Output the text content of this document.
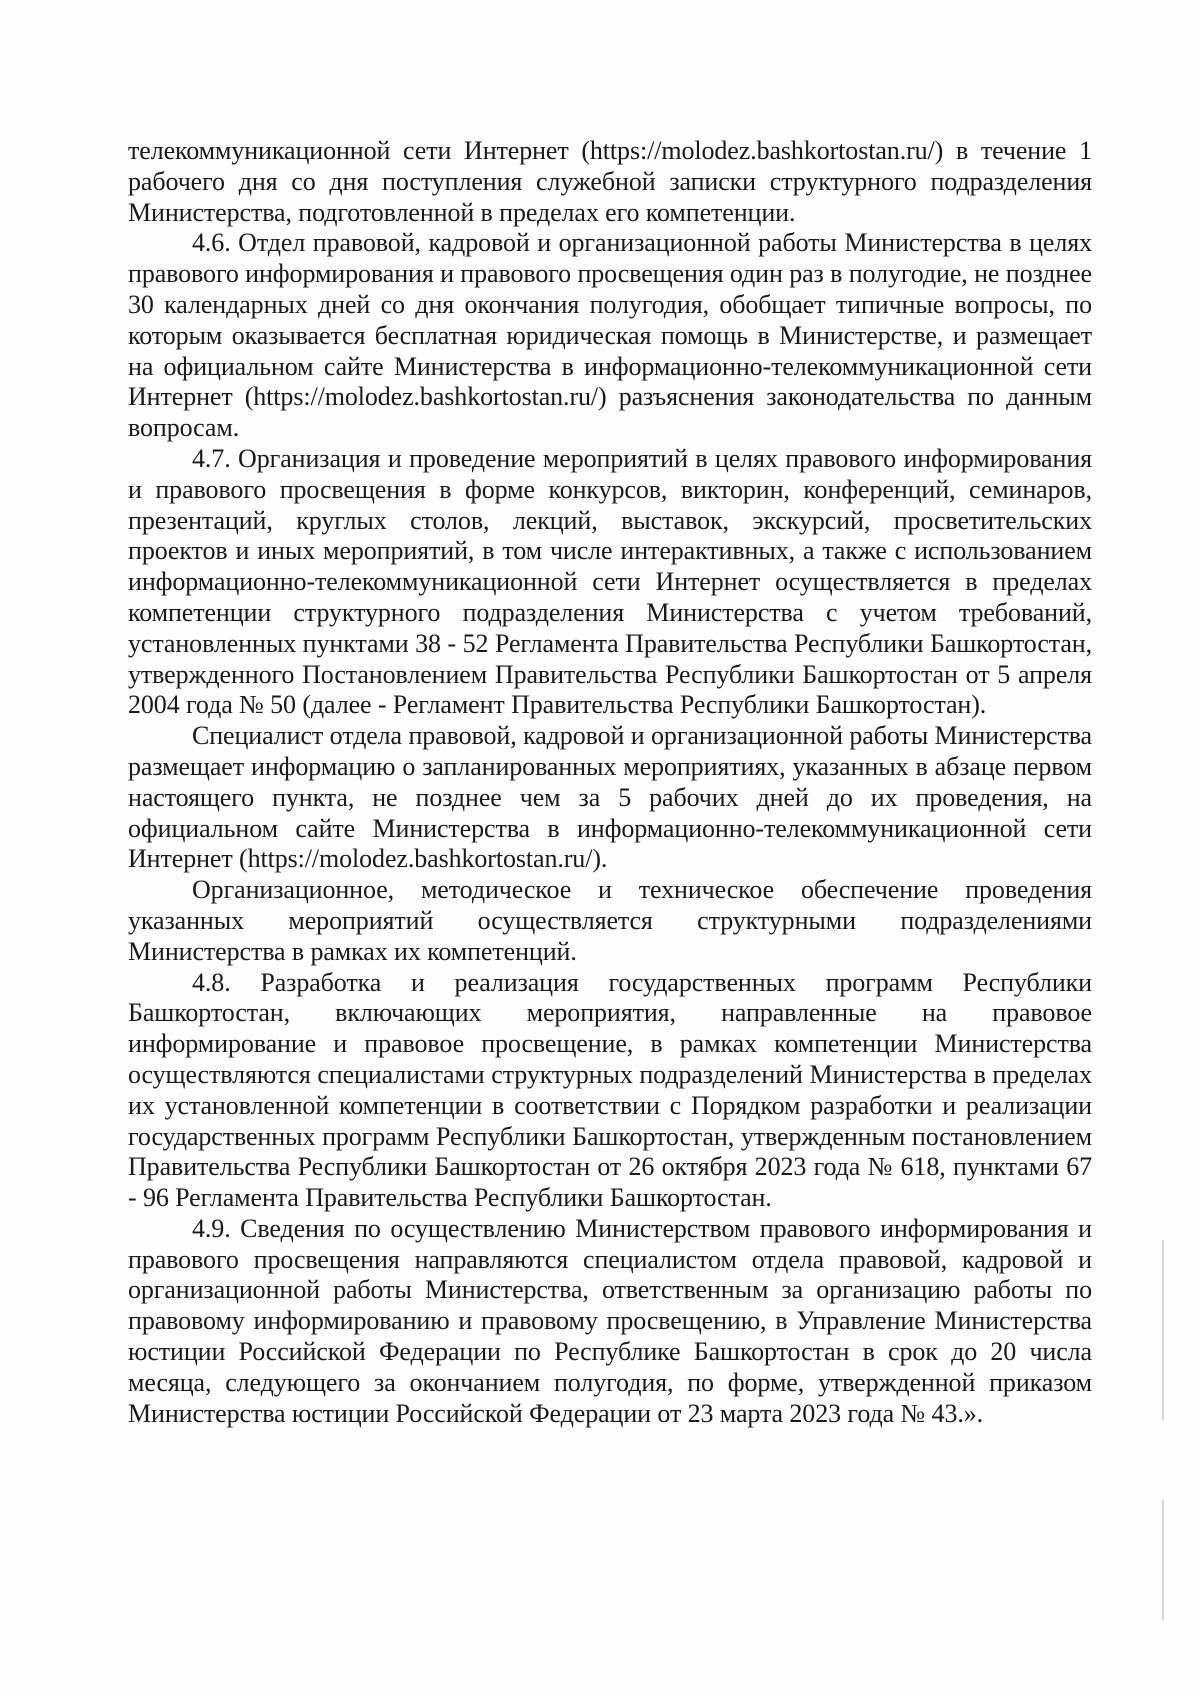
телекоммуникационной сети Интернет (https://molodez.bashkortostan.ru/) в течение 1 рабочего дня со дня поступления служебной записки структурного подразделения Министерства, подготовленной в пределах его компетенции.

4.6. Отдел правовой, кадровой и организационной работы Министерства в целях правового информирования и правового просвещения один раз в полугодие, не позднее 30 календарных дней со дня окончания полугодия, обобщает типичные вопросы, по которым оказывается бесплатная юридическая помощь в Министерстве, и размещает на официальном сайте Министерства в информационно-телекоммуникационной сети Интернет (https://molodez.bashkortostan.ru/) разъяснения законодательства по данным вопросам.

4.7. Организация и проведение мероприятий в целях правового информирования и правового просвещения в форме конкурсов, викторин, конференций, семинаров, презентаций, круглых столов, лекций, выставок, экскурсий, просветительских проектов и иных мероприятий, в том числе интерактивных, а также с использованием информационно-телекоммуникационной сети Интернет осуществляется в пределах компетенции структурного подразделения Министерства с учетом требований, установленных пунктами 38 - 52 Регламента Правительства Республики Башкортостан, утвержденного Постановлением Правительства Республики Башкортостан от 5 апреля 2004 года № 50 (далее - Регламент Правительства Республики Башкортостан).

Специалист отдела правовой, кадровой и организационной работы Министерства размещает информацию о запланированных мероприятиях, указанных в абзаце первом настоящего пункта, не позднее чем за 5 рабочих дней до их проведения, на официальном сайте Министерства в информационно-телекоммуникационной сети Интернет (https://molodez.bashkortostan.ru/).

Организационное, методическое и техническое обеспечение проведения указанных мероприятий осуществляется структурными подразделениями Министерства в рамках их компетенций.

4.8. Разработка и реализация государственных программ Республики Башкортостан, включающих мероприятия, направленные на правовое информирование и правовое просвещение, в рамках компетенции Министерства осуществляются специалистами структурных подразделений Министерства в пределах их установленной компетенции в соответствии с Порядком разработки и реализации государственных программ Республики Башкортостан, утвержденным постановлением Правительства Республики Башкортостан от 26 октября 2023 года № 618, пунктами 67 - 96 Регламента Правительства Республики Башкортостан.

4.9. Сведения по осуществлению Министерством правового информирования и правового просвещения направляются специалистом отдела правовой, кадровой и организационной работы Министерства, ответственным за организацию работы по правовому информированию и правовому просвещению, в Управление Министерства юстиции Российской Федерации по Республике Башкортостан в срок до 20 числа месяца, следующего за окончанием полугодия, по форме, утвержденной приказом Министерства юстиции Российской Федерации от 23 марта 2023 года № 43.».
